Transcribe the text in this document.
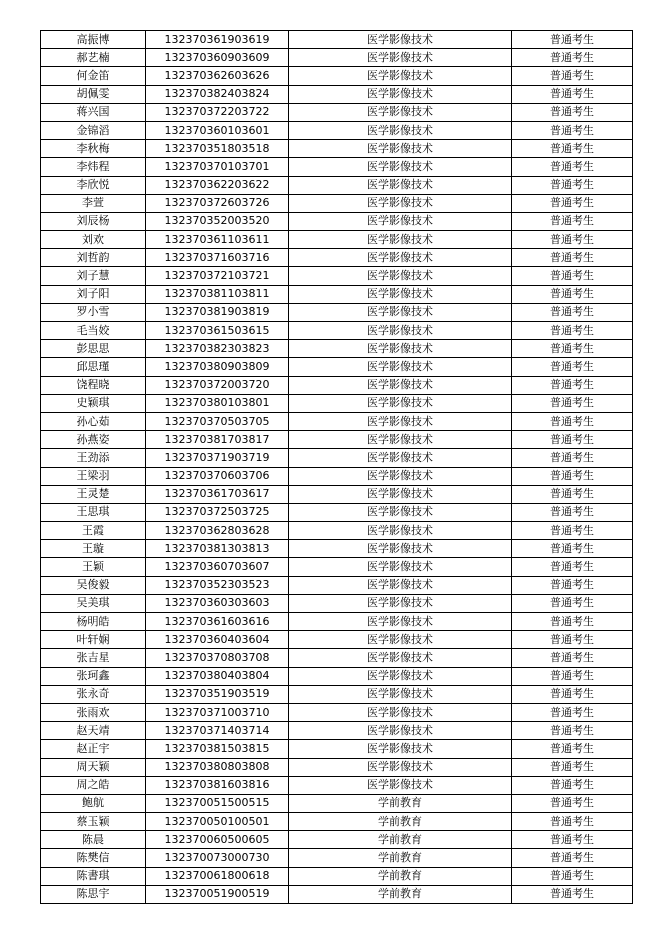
高振博	132370361903619	医学影像技术	普通考生
郝艺楠	132370360903609	医学影像技术	普通考生
何金笛	132370362603626	医学影像技术	普通考生
胡佩雯	132370382403824	医学影像技术	普通考生
蒋兴国	132370372203722	医学影像技术	普通考生
金锦滔	132370360103601	医学影像技术	普通考生
李秋梅	132370351803518	医学影像技术	普通考生
李炜程	132370370103701	医学影像技术	普通考生
李欣悦	132370362203622	医学影像技术	普通考生
李萱	132370372603726	医学影像技术	普通考生
刘辰杨	132370352003520	医学影像技术	普通考生
刘欢	132370361103611	医学影像技术	普通考生
刘哲韵	132370371603716	医学影像技术	普通考生
刘子慧	132370372103721	医学影像技术	普通考生
刘子阳	132370381103811	医学影像技术	普通考生
罗小雪	132370381903819	医学影像技术	普通考生
毛当姣	132370361503615	医学影像技术	普通考生
彭思思	132370382303823	医学影像技术	普通考生
邱思瑾	132370380903809	医学影像技术	普通考生
饶程晓	132370372003720	医学影像技术	普通考生
史颖琪	132370380103801	医学影像技术	普通考生
孙心茹	132370370503705	医学影像技术	普通考生
孙燕姿	132370381703817	医学影像技术	普通考生
王劲添	132370371903719	医学影像技术	普通考生
王梁羽	132370370603706	医学影像技术	普通考生
王灵楚	132370361703617	医学影像技术	普通考生
王思琪	132370372503725	医学影像技术	普通考生
王霞	132370362803628	医学影像技术	普通考生
王璇	132370381303813	医学影像技术	普通考生
王颖	132370360703607	医学影像技术	普通考生
吴俊毅	132370352303523	医学影像技术	普通考生
吴美琪	132370360303603	医学影像技术	普通考生
杨明皓	132370361603616	医学影像技术	普通考生
叶轩娴	132370360403604	医学影像技术	普通考生
张吉星	132370370803708	医学影像技术	普通考生
张珂鑫	132370380403804	医学影像技术	普通考生
张永奇	132370351903519	医学影像技术	普通考生
张雨欢	132370371003710	医学影像技术	普通考生
赵天靖	132370371403714	医学影像技术	普通考生
赵正宇	132370381503815	医学影像技术	普通考生
周天颖	132370380803808	医学影像技术	普通考生
周之皓	132370381603816	医学影像技术	普通考生
鲍航	132370051500515	学前教育	普通考生
蔡玉颖	132370050100501	学前教育	普通考生
陈晨	132370060500605	学前教育	普通考生
陈樊信	132370073000730	学前教育	普通考生
陈書琪	132370061800618	学前教育	普通考生
陈思宇	132370051900519	学前教育	普通考生
